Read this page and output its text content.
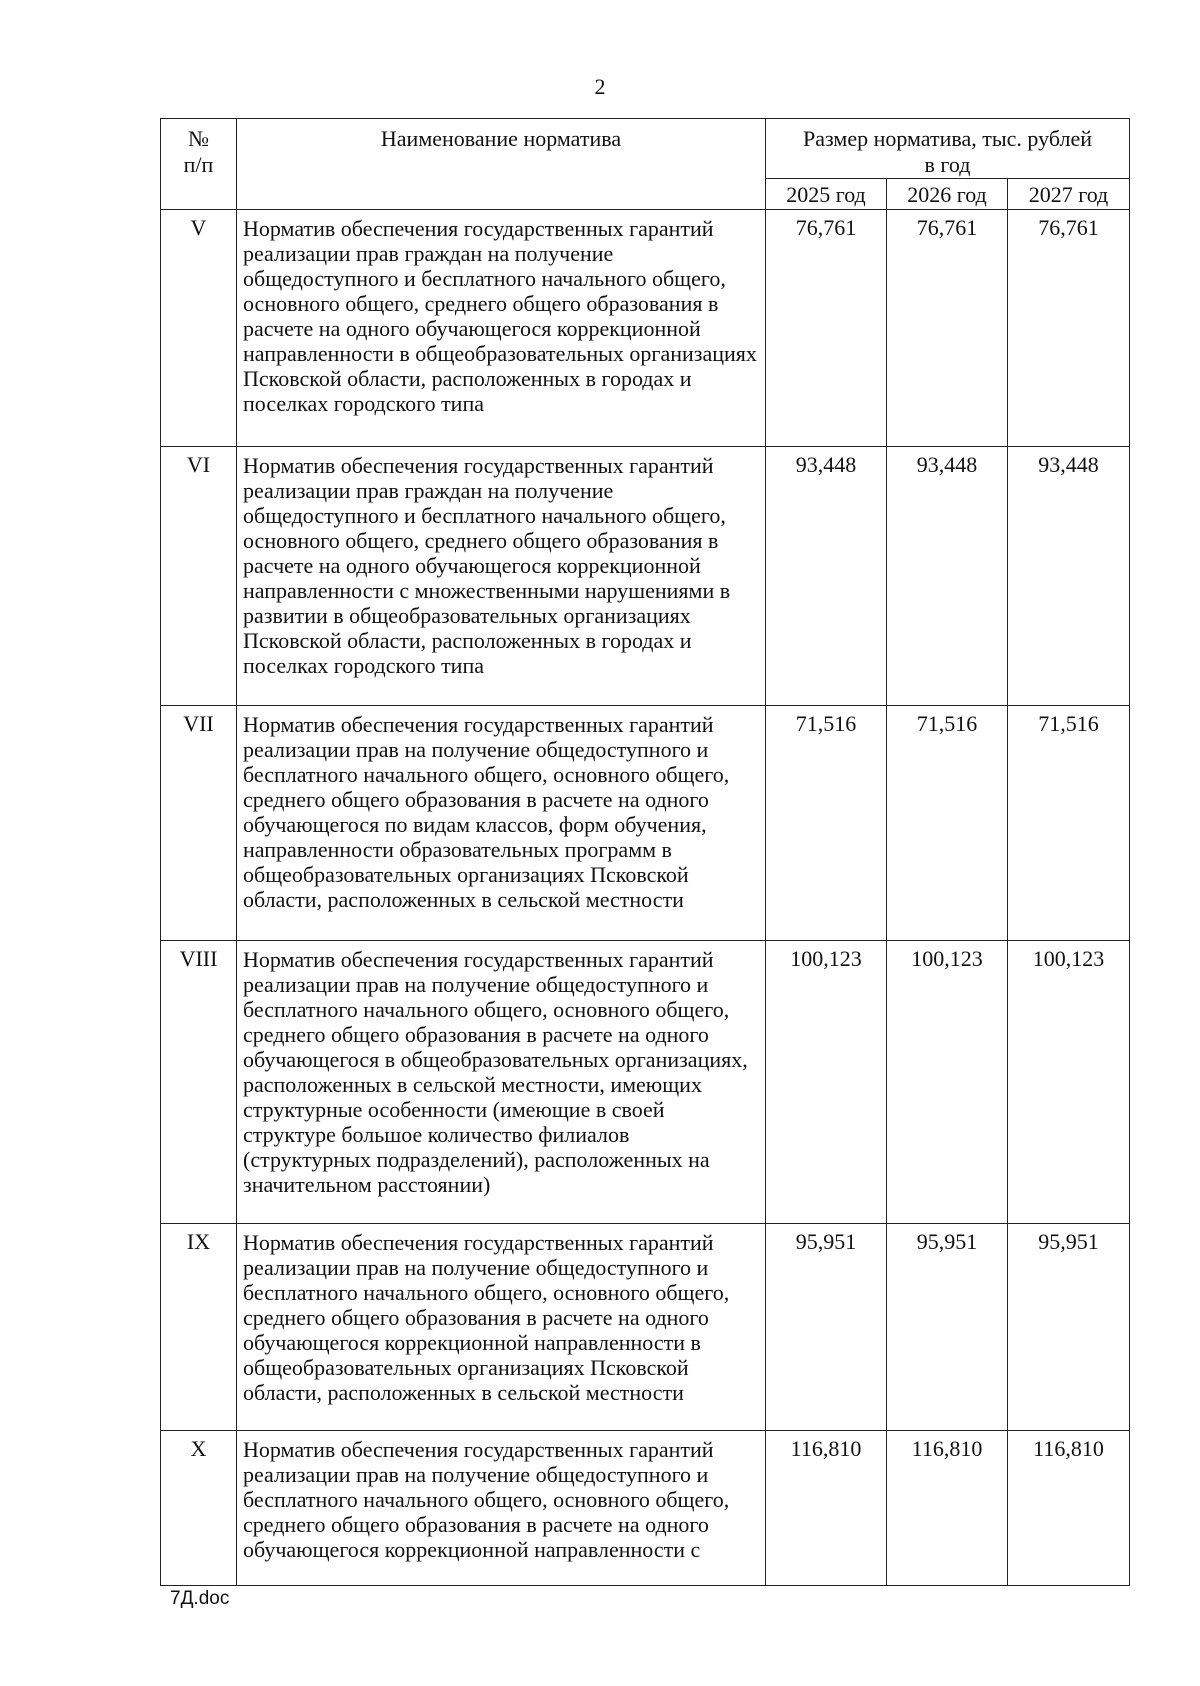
2
№
п/п	Наименование норматива	Размер норматива, тыс. рублей
в год		
		2025 год	2026 год	2027 год
V	Норматив обеспечения государственных гарантий реализации прав граждан на получение общедоступного и бесплатного начального общего, основного общего, среднего общего образования в расчете на одного обучающегося коррекционной направленности в общеобразовательных организациях Псковской области, расположенных в городах и поселках городского типа	76,761	76,761	76,761
VI	Норматив обеспечения государственных гарантий реализации прав граждан на получение общедоступного и бесплатного начального общего, основного общего, среднего общего образования в расчете на одного обучающегося коррекционной направленности с множественными нарушениями в развитии в общеобразовательных организациях Псковской области, расположенных в городах и поселках городского типа	93,448	93,448	93,448
VII	Норматив обеспечения государственных гарантий реализации прав на получение общедоступного и бесплатного начального общего, основного общего, среднего общего образования в расчете на одного обучающегося по видам классов, форм обучения, направленности образовательных программ в общеобразовательных организациях Псковской области, расположенных в сельской местности	71,516	71,516	71,516
VIII	Норматив обеспечения государственных гарантий реализации прав на получение общедоступного и бесплатного начального общего, основного общего, среднего общего образования в расчете на одного обучающегося в общеобразовательных организациях, расположенных в сельской местности, имеющих структурные особенности (имеющие в своей структуре большое количество филиалов (структурных подразделений), расположенных на значительном расстоянии)	100,123	100,123	100,123
IX	Норматив обеспечения государственных гарантий реализации прав на получение общедоступного и бесплатного начального общего, основного общего, среднего общего образования в расчете на одного обучающегося коррекционной направленности в общеобразовательных организациях Псковской области, расположенных в сельской местности	95,951	95,951	95,951
X	Норматив обеспечения государственных гарантий реализации прав на получение общедоступного и бесплатного начального общего, основного общего, среднего общего образования в расчете на одного обучающегося коррекционной направленности с	116,810	116,810	116,810
7Д.doc
